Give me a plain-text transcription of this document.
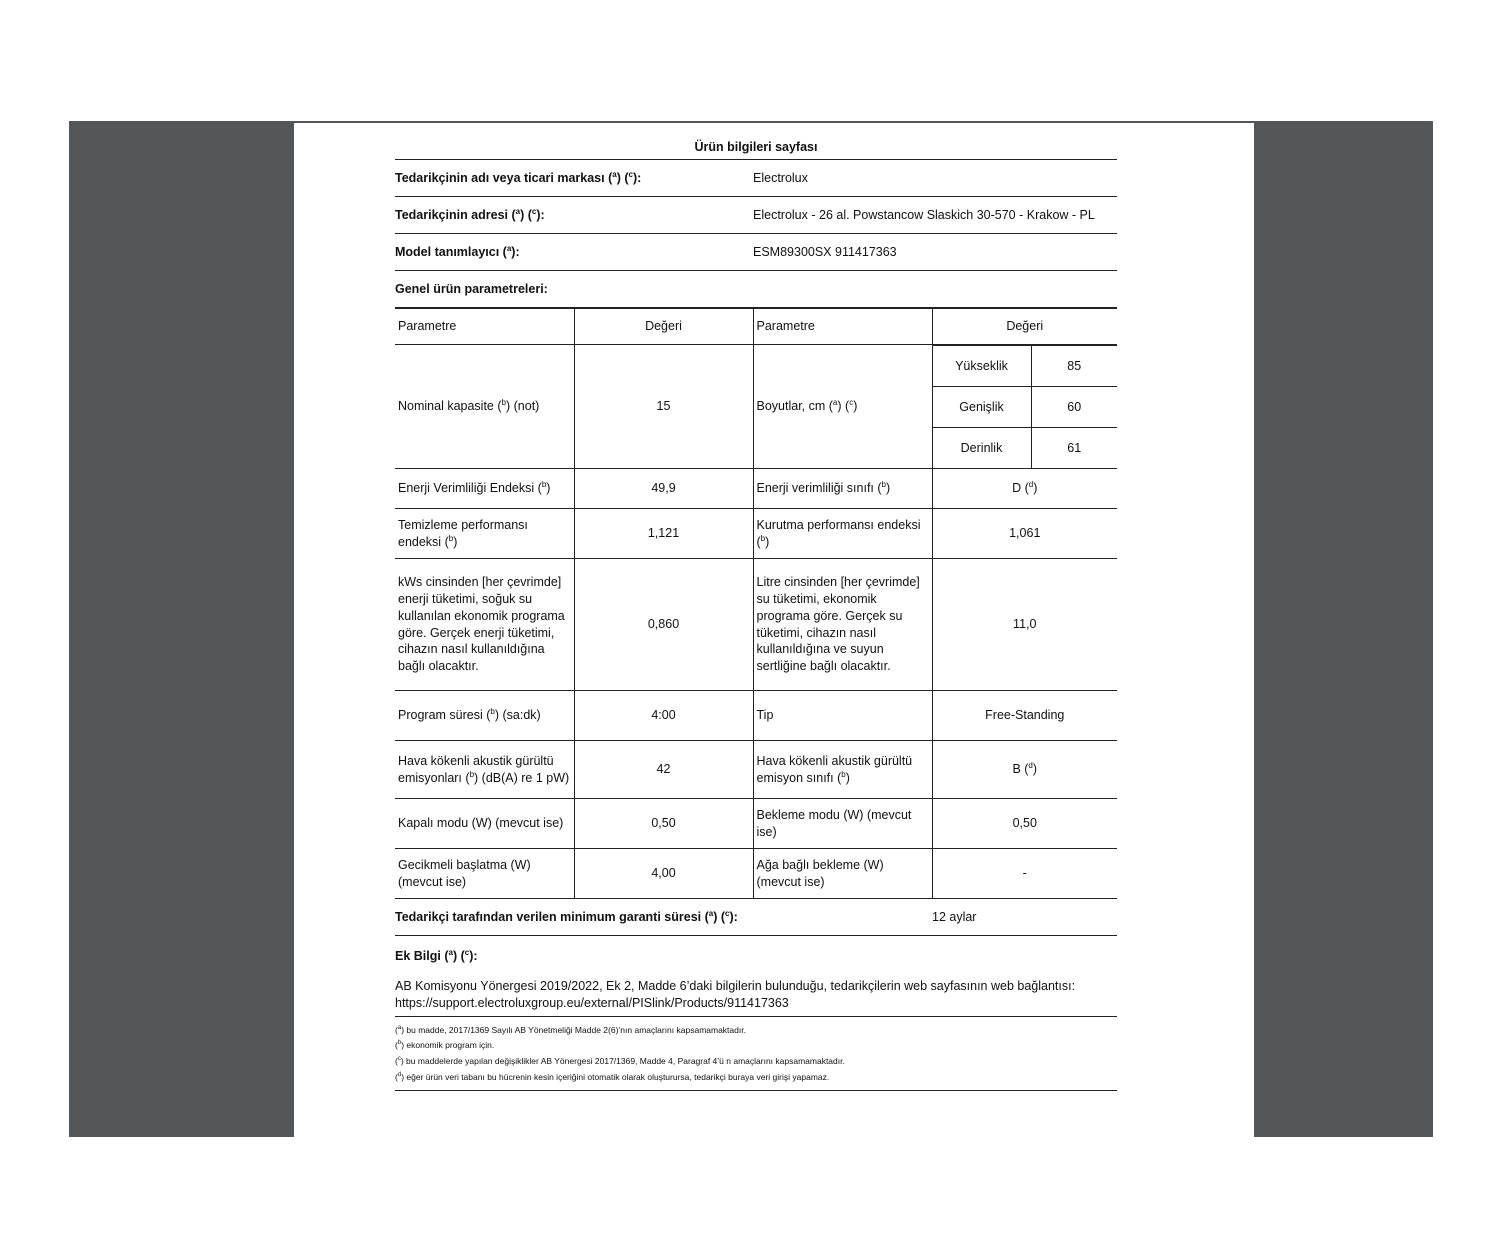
Ürün bilgileri sayfası
Tedarikçinin adı veya ticari markası ($^a$) ($^c$):	Electrolux
Tedarikçinin adresi ($^a$) ($^c$):	Electrolux - 26 al. Powstancow Slaskich 30-570 - Krakow - PL
Model tanımlayıcı ($^a$):	ESM89300SX 911417363
Genel ürün parametreleri:
Parametre	Değeri	Parametre	Değeri
Nominal kapasite ($^b$) (not)	15	Boyutlar, cm ($^a$) ($^c$)	
Yükseklik	85
Genişlik	60
Derinlik	61

Enerji Verimliliği Endeksi ($^b$)	49,9	Enerji verimliliği sınıfı ($^b$)	D ($^d$)
Temizleme performansı endeksi ($^b$)	1,121	Kurutma performansı endeksi ($^b$)	1,061
kWs cinsinden [her çevrimde] enerji tüketimi, soğuk su kullanılan ekonomik programa göre. Gerçek enerji tüketimi, cihazın nasıl kullanıldığına bağlı olacaktır.	0,860	Litre cinsinden [her çevrimde] su tüketimi, ekonomik programa göre. Gerçek su tüketimi, cihazın nasıl kullanıldığına ve suyun sertliğine bağlı olacaktır.	11,0
Program süresi ($^b$) (sa:dk)	4:00	Tip	Free-Standing
Hava kökenli akustik gürültü emisyonları ($^b$) (dB(A) re 1 pW)	42	Hava kökenli akustik gürültü emisyon sınıfı ($^b$)	B ($^d$)
Kapalı modu (W) (mevcut ise)	0,50	Bekleme modu (W) (mevcut ise)	0,50
Gecikmeli başlatma (W) (mevcut ise)	4,00	Ağa bağlı bekleme (W) (mevcut ise)	-
Tedarikçi tarafından verilen minimum garanti süresi ($^a$) ($^c$):	12 aylar
Ek Bilgi ($^a$) ($^c$):
AB Komisyonu Yönergesi 2019/2022, Ek 2, Madde 6’daki bilgilerin bulunduğu, tedarikçilerin web sayfasının web bağlantısı: https://support.electroluxgroup.eu/external/PISlink/Products/911417363
($^a$) bu madde, 2017/1369 Sayılı AB Yönetmeliği Madde 2(6)’nın amaçlarını kapsamamaktadır.
($^b$) ekonomik program için.
($^c$) bu maddelerde yapılan değişiklikler AB Yönergesi 2017/1369, Madde 4, Paragraf 4’ü n amaçlarını kapsamamaktadır.
($^d$) eğer ürün veri tabanı bu hücrenin kesin içeriğini otomatik olarak oluşturursa, tedarikçi buraya veri girişi yapamaz.
